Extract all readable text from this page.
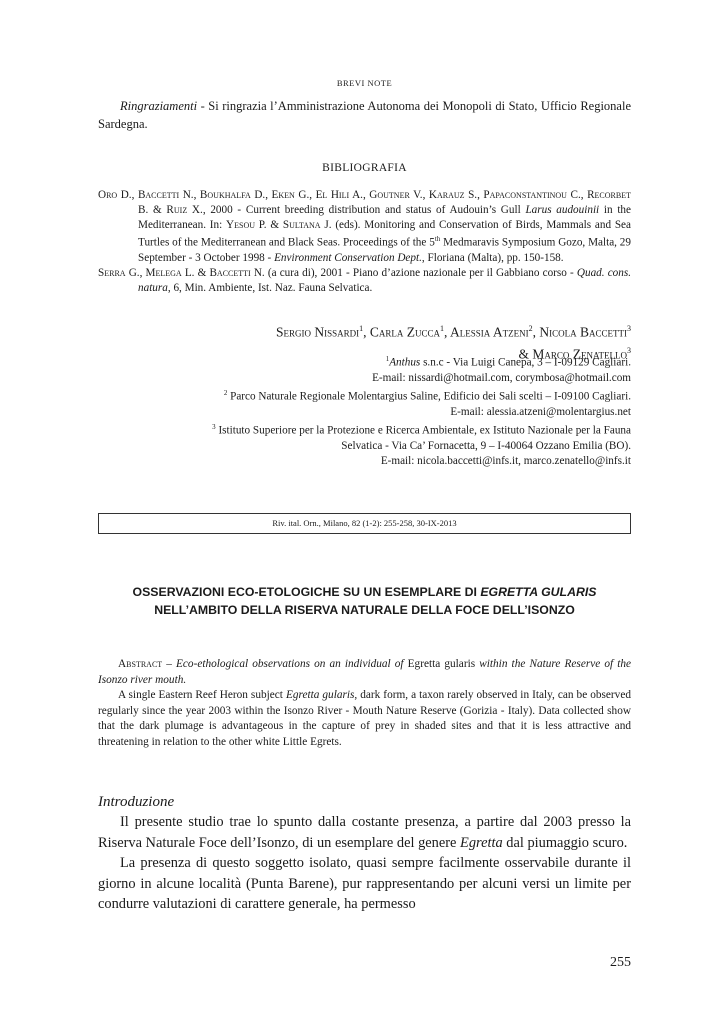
BREVI NOTE
Ringraziamenti - Si ringrazia l’Amministrazione Autonoma dei Monopoli di Stato, Ufficio Regionale Sardegna.
BIBLIOGRAFIA
Oro D., Baccetti N., Boukhalfa D., Eken G., El Hili A., Goutner V., Karauz S., Papaconstantinou C., Recorbet B. & Ruiz X., 2000 - Current breeding distribution and status of Audouin’s Gull Larus audouinii in the Mediterranean. In: Yesou P. & Sultana J. (eds). Monitoring and Conservation of Birds, Mammals and Sea Turtles of the Mediterranean and Black Seas. Proceedings of the 5th Medmaravis Symposium Gozo, Malta, 29 September - 3 October 1998 - Environment Conservation Dept., Floriana (Malta), pp. 150-158.
Serra G., Melega L. & Baccetti N. (a cura di), 2001 - Piano d’azione nazionale per il Gabbiano corso - Quad. cons. natura, 6, Min. Ambiente, Ist. Naz. Fauna Selvatica.
Sergio Nissardi$^1$, Carla Zucca$^1$, Alessia Atzeni$^2$, Nicola Baccetti$^3$
& Marco Zenatello$^3$
$^1$Anthus s.n.c - Via Luigi Canepa, 3 – I-09129 Cagliari.
E-mail: nissardi@hotmail.com, corymbosa@hotmail.com
$^2$ Parco Naturale Regionale Molentargius Saline, Edificio dei Sali scelti – I-09100 Cagliari.
E-mail: alessia.atzeni@molentargius.net
$^3$ Istituto Superiore per la Protezione e Ricerca Ambientale, ex Istituto Nazionale per la Fauna
Selvatica - Via Ca’ Fornacetta, 9 – I-40064 Ozzano Emilia (BO).
E-mail: nicola.baccetti@infs.it, marco.zenatello@infs.it
Riv. ital. Orn., Milano, 82 (1-2): 255-258, 30-IX-2013
OSSERVAZIONI ECO-ETOLOGICHE SU UN ESEMPLARE DI EGRETTA GULARIS
NELL’AMBITO DELLA RISERVA NATURALE DELLA FOCE DELL’ISONZO

Abstract – Eco-ethological observations on an individual of Egretta gularis within the Nature Reserve of the Isonzo river mouth.

A single Eastern Reef Heron subject Egretta gularis, dark form, a taxon rarely observed in Italy, can be observed regularly since the year 2003 within the Isonzo River - Mouth Nature Reserve (Gorizia - Italy). Data collected show that the dark plumage is advantageous in the capture of prey in shaded sites and that it is less attractive and threatening in relation to the other white Little Egrets.

Introduzione

Il presente studio trae lo spunto dalla costante presenza, a partire dal 2003 presso la Riserva Naturale Foce dell’Isonzo, di un esemplare del genere Egretta dal piumaggio scuro.

La presenza di questo soggetto isolato, quasi sempre facilmente osservabile durante il giorno in alcune località (Punta Barene), pur rappresentando per alcuni versi un limite per condurre valutazioni di carattere generale, ha permesso

255
